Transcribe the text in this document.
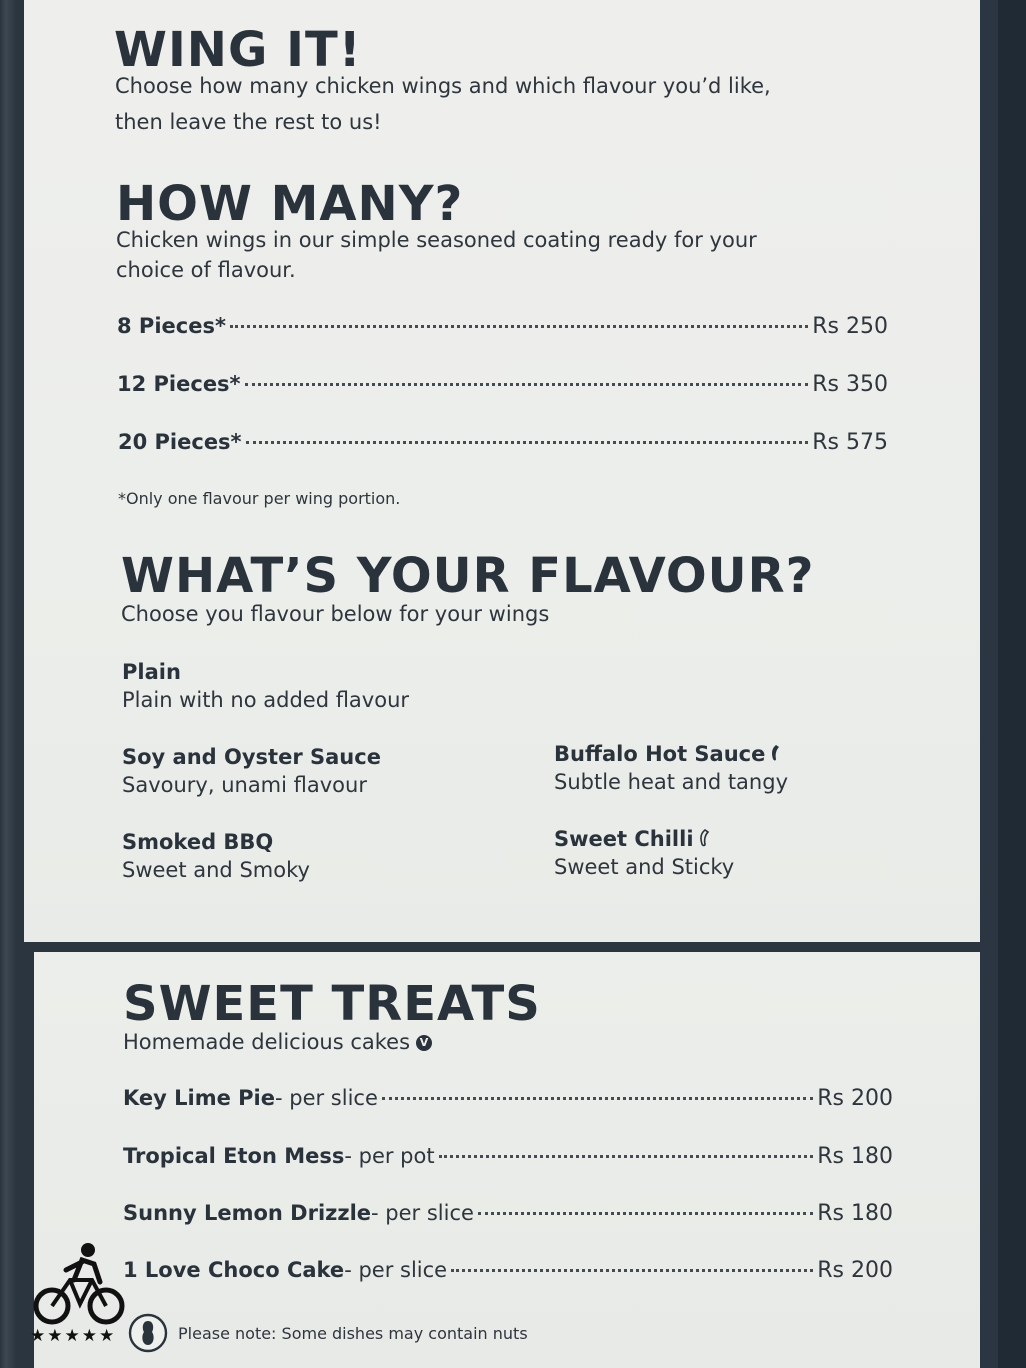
WING IT!
Choose how many chicken wings and which flavour you’d like,
then leave the rest to us!
HOW MANY?
Chicken wings in our simple seasoned coating ready for your
choice of flavour.
8 Pieces*	Rs 250
12 Pieces*	Rs 350
20 Pieces*	Rs 575
*Only one flavour per wing portion.
WHAT’S YOUR FLAVOUR?
Choose you flavour below for your wings
Plain
Plain with no added flavour
Soy and Oyster Sauce
Savoury, unami flavour
Buffalo Hot Sauce
Subtle heat and tangy
Smoked BBQ
Sweet and Smoky
Sweet Chilli
Sweet and Sticky
SWEET TREATS
Homemade delicious cakes V
Key Lime Pie - per slice	Rs 200
Tropical Eton Mess - per pot	Rs 180
Sunny Lemon Drizzle - per slice	Rs 180
1 Love Choco Cake - per slice	Rs 200
Please note: Some dishes may contain nuts
★★★★★
